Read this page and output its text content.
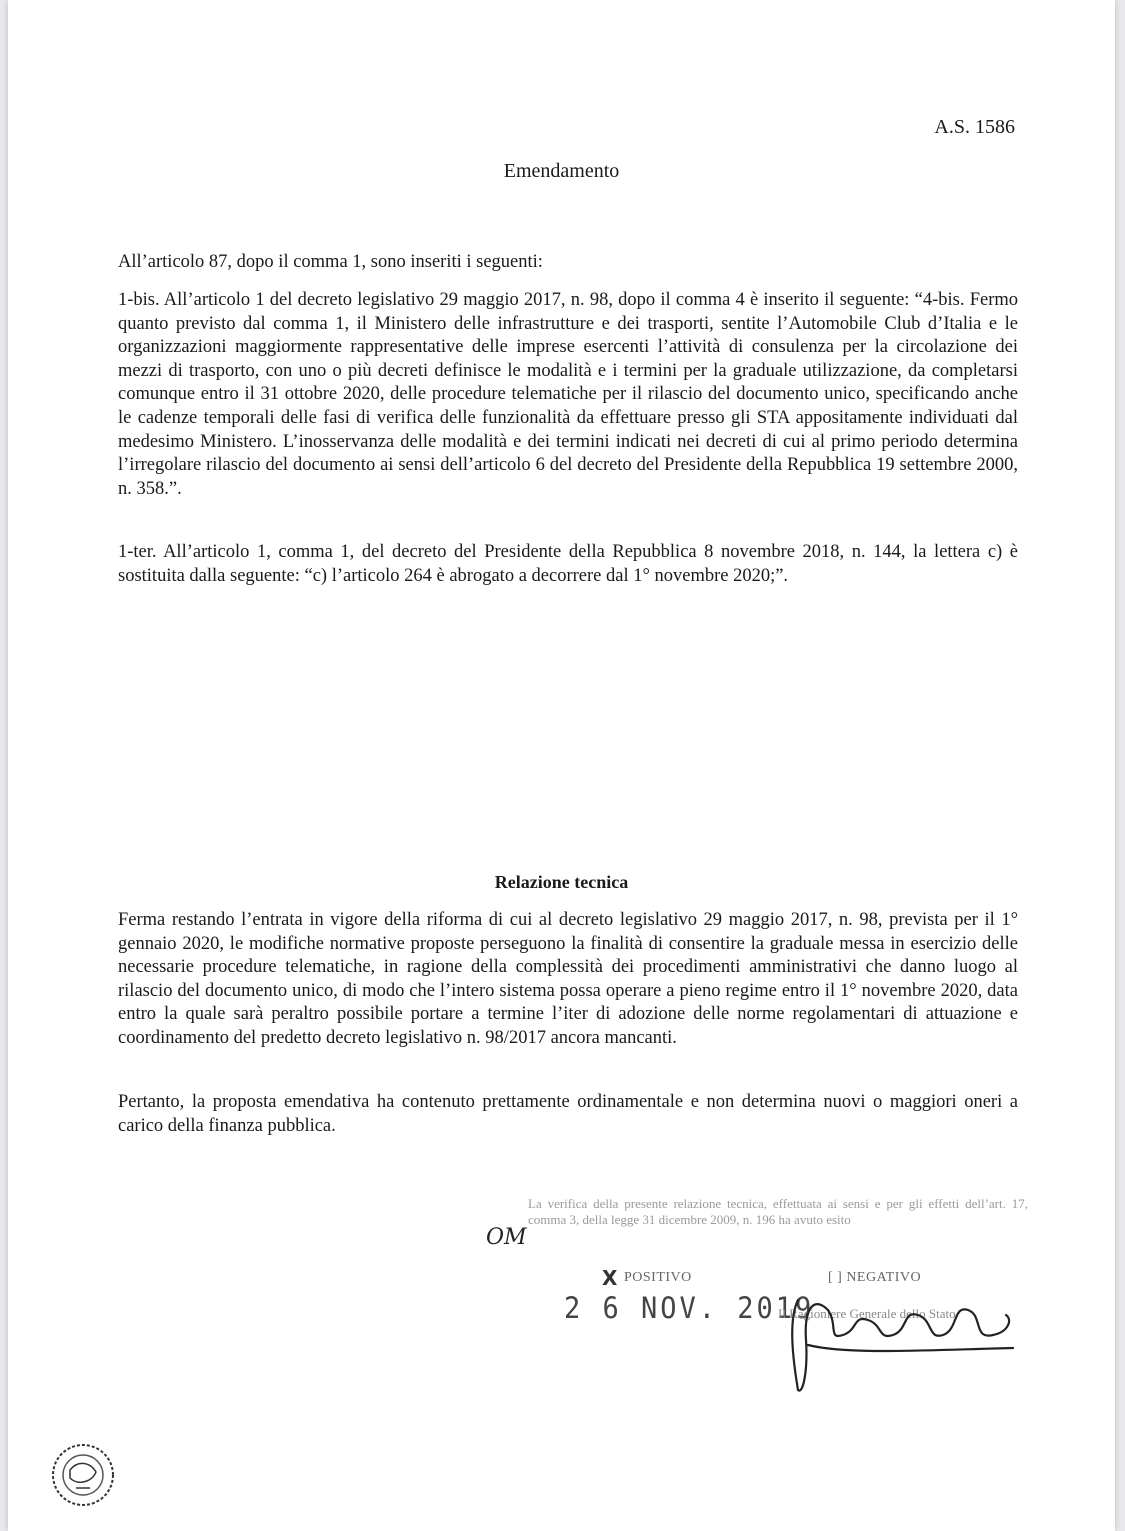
A.S. 1586
Emendamento

All’articolo 87, dopo il comma 1, sono inseriti i seguenti:

1-bis. All’articolo 1 del decreto legislativo 29 maggio 2017, n. 98, dopo il comma 4 è inserito il seguente: “4-bis. Fermo quanto previsto dal comma 1, il Ministero delle infrastrutture e dei trasporti, sentite l’Automobile Club d’Italia e le organizzazioni maggiormente rappresentative delle imprese esercenti l’attività di consulenza per la circolazione dei mezzi di trasporto, con uno o più decreti definisce le modalità e i termini per la graduale utilizzazione, da completarsi comunque entro il 31 ottobre 2020, delle procedure telematiche per il rilascio del documento unico, specificando anche le cadenze temporali delle fasi di verifica delle funzionalità da effettuare presso gli STA appositamente individuati dal medesimo Ministero. L’inosservanza delle modalità e dei termini indicati nei decreti di cui al primo periodo determina l’irregolare rilascio del documento ai sensi dell’articolo 6 del decreto del Presidente della Repubblica 19 settembre 2000, n. 358.”.

1-ter. All’articolo 1, comma 1, del decreto del Presidente della Repubblica 8 novembre 2018, n. 144, la lettera c) è sostituita dalla seguente: “c) l’articolo 264 è abrogato a decorrere dal 1° novembre 2020;”.

Relazione tecnica

Ferma restando l’entrata in vigore della riforma di cui al decreto legislativo 29 maggio 2017, n. 98, prevista per il 1° gennaio 2020, le modifiche normative proposte perseguono la finalità di consentire la graduale messa in esercizio delle necessarie procedure telematiche, in ragione della complessità dei procedimenti amministrativi che danno luogo al rilascio del documento unico, di modo che l’intero sistema possa operare a pieno regime entro il 1° novembre 2020, data entro la quale sarà peraltro possibile portare a termine l’iter di adozione delle norme regolamentari di attuazione e coordinamento del predetto decreto legislativo n. 98/2017 ancora mancanti.

Pertanto, la proposta emendativa ha contenuto prettamente ordinamentale e non determina nuovi o maggiori oneri a carico della finanza pubblica.

La verifica della presente relazione tecnica, effettuata ai sensi e per gli effetti dell’art. 17, comma 3, della legge 31 dicembre 2009, n. 196 ha avuto esito
OM
X POSITIVO	[ ] NEGATIVO
2 6 NOV. 2019
Il Ragioniere Generale dello Stato
